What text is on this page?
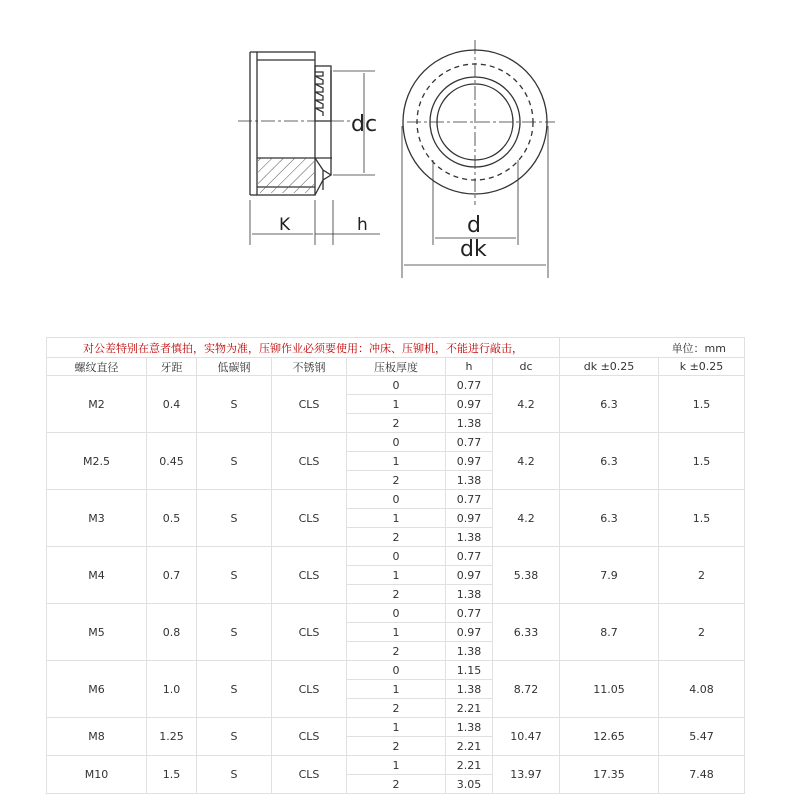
dc
K	h	d
dk

对公差特别在意者慎拍，实物为准，压铆作业必须要使用：冲床、压铆机，不能进行敲击，							单位：mm	
螺纹直径	牙距	低碳钢	不锈钢	压板厚度	h	dc	dk ±0.25	k ±0.25
M2	0.4	S	CLS	0	0.77	4.2	6.3	1.5
				1	0.97			
				2	1.38			
M2.5	0.45	S	CLS	0	0.77	4.2	6.3	1.5
				1	0.97			
				2	1.38			
M3	0.5	S	CLS	0	0.77	4.2	6.3	1.5
				1	0.97			
				2	1.38			
M4	0.7	S	CLS	0	0.77	5.38	7.9	2
				1	0.97			
				2	1.38			
M5	0.8	S	CLS	0	0.77	6.33	8.7	2
				1	0.97			
				2	1.38			
M6	1.0	S	CLS	0	1.15	8.72	11.05	4.08
				1	1.38			
				2	2.21			
M8	1.25	S	CLS	1	1.38	10.47	12.65	5.47
				2	2.21			
M10	1.5	S	CLS	1	2.21	13.97	17.35	7.48
				2	3.05			
